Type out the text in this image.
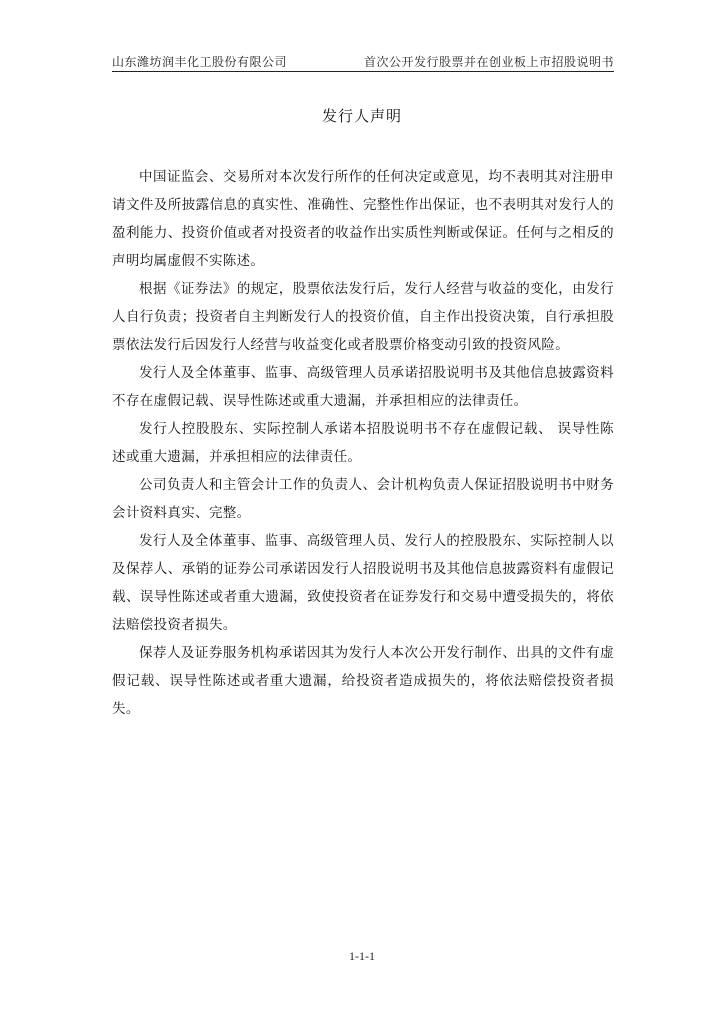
山东潍坊润丰化工股份有限公司	首次公开发行股票并在创业板上市招股说明书
发行人声明

中国证监会、交易所对本次发行所作的任何决定或意见，均不表明其对注册申请文件及所披露信息的真实性、准确性、完整性作出保证，也不表明其对发行人的盈利能力、投资价值或者对投资者的收益作出实质性判断或保证。任何与之相反的声明均属虚假不实陈述。

根据《证券法》的规定，股票依法发行后，发行人经营与收益的变化，由发行人自行负责；投资者自主判断发行人的投资价值，自主作出投资决策，自行承担股票依法发行后因发行人经营与收益变化或者股票价格变动引致的投资风险。

发行人及全体董事、监事、高级管理人员承诺招股说明书及其他信息披露资料不存在虚假记载、误导性陈述或重大遗漏，并承担相应的法律责任。

发行人控股股东、实际控制人承诺本招股说明书不存在虚假记载、 误导性陈述或重大遗漏，并承担相应的法律责任。

公司负责人和主管会计工作的负责人、会计机构负责人保证招股说明书中财务会计资料真实、完整。

发行人及全体董事、监事、高级管理人员、发行人的控股股东、实际控制人以及保荐人、承销的证券公司承诺因发行人招股说明书及其他信息披露资料有虚假记载、误导性陈述或者重大遗漏，致使投资者在证券发行和交易中遭受损失的，将依法赔偿投资者损失。

保荐人及证券服务机构承诺因其为发行人本次公开发行制作、出具的文件有虚假记载、误导性陈述或者重大遗漏，给投资者造成损失的，将依法赔偿投资者损失。

1-1-1
